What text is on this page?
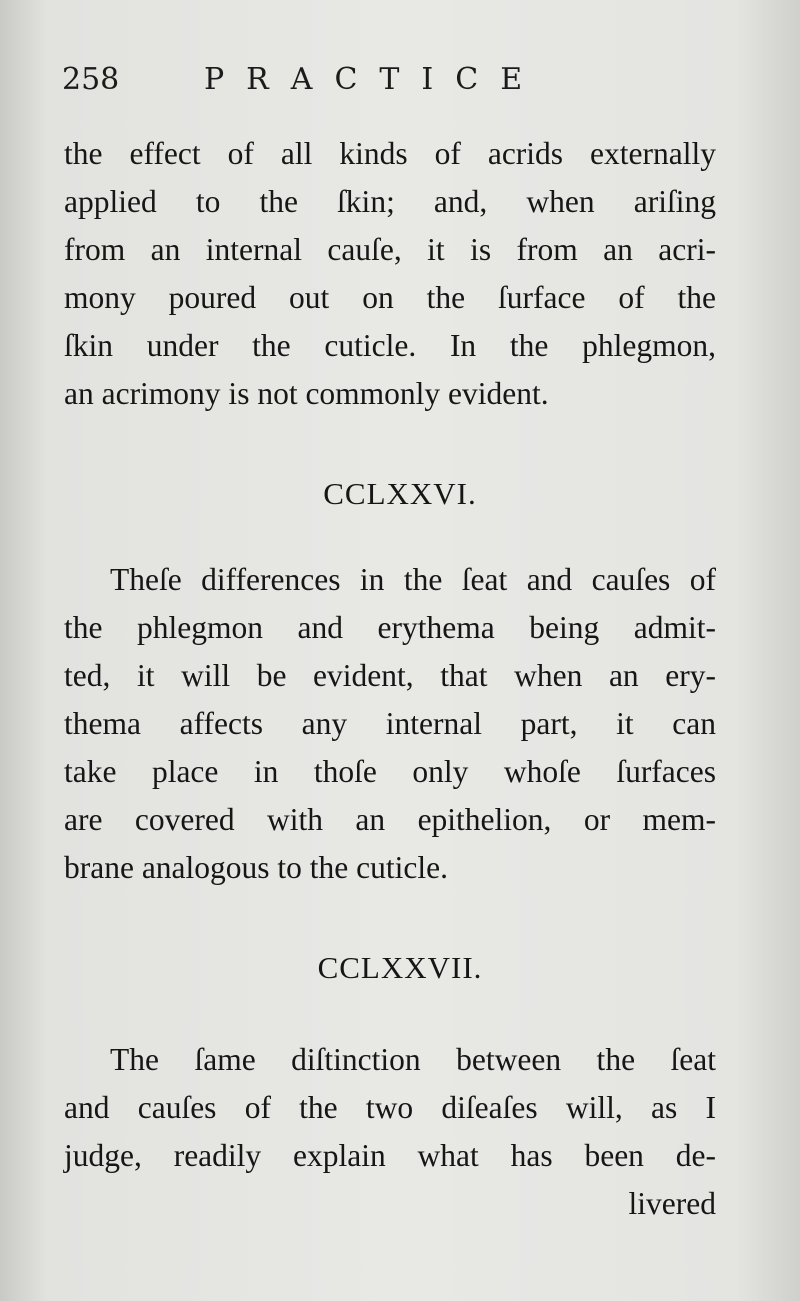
258	PRACTICE
the effect of all kinds of acrids externally
applied to the ſkin; and, when ariſing
from an internal cauſe, it is from an acri-
mony poured out on the ſurface of the
ſkin under the cuticle. In the phlegmon,
an acrimony is not commonly evident.
CCLXXVI.
Theſe differences in the ſeat and cauſes of
the phlegmon and erythema being admit-
ted, it will be evident, that when an ery-
thema affects any internal part, it can
take place in thoſe only whoſe ſurfaces
are covered with an epithelion, or mem-
brane analogous to the cuticle.
CCLXXVII.
The ſame diſtinction between the ſeat
and cauſes of the two diſeaſes will, as I
judge, readily explain what has been de-
livered
